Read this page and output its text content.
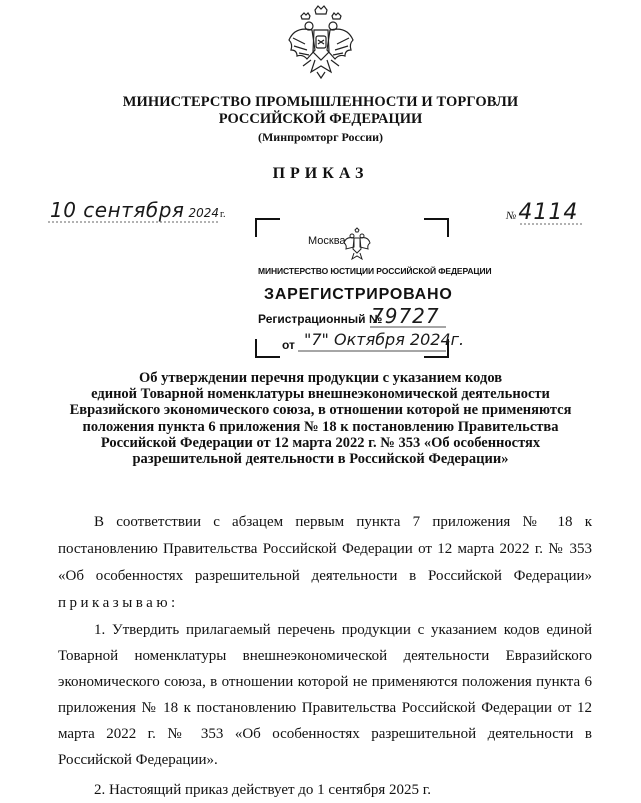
МИНИСТЕРСТВО ПРОМЫШЛЕННОСТИ И ТОРГОВЛИ
РОССИЙСКОЙ ФЕДЕРАЦИИ
(Минпромторг России)
ПРИКАЗ
10 сентября 2024г.	№4114
Москва
МИНИСТЕРСТВО ЮСТИЦИИ РОССИЙСКОЙ ФЕДЕРАЦИИ
ЗАРЕГИСТРИРОВАНО
Регистрационный №
79727
от "7" Октября 2024г.
Об утверждении перечня продукции с указанием кодов
единой Товарной номенклатуры внешнеэкономической деятельности
Евразийского экономического союза, в отношении которой не применяются
положения пункта 6 приложения № 18 к постановлению Правительства
Российской Федерации от 12 марта 2022 г. № 353 «Об особенностях
разрешительной деятельности в Российской Федерации»

В соответствии с абзацем первым пункта 7 приложения № 18 к постановлению Правительства Российской Федерации от 12 марта 2022 г. № 353 «Об особенностях разрешительной деятельности в Российской Федерации» приказываю:

1. Утвердить прилагаемый перечень продукции с указанием кодов единой Товарной номенклатуры внешнеэкономической деятельности Евразийского экономического союза, в отношении которой не применяются положения пункта 6 приложения № 18 к постановлению Правительства Российской Федерации от 12 марта 2022 г. № 353 «Об особенностях разрешительной деятельности в Российской Федерации».

2. Настоящий приказ действует до 1 сентября 2025 г.
